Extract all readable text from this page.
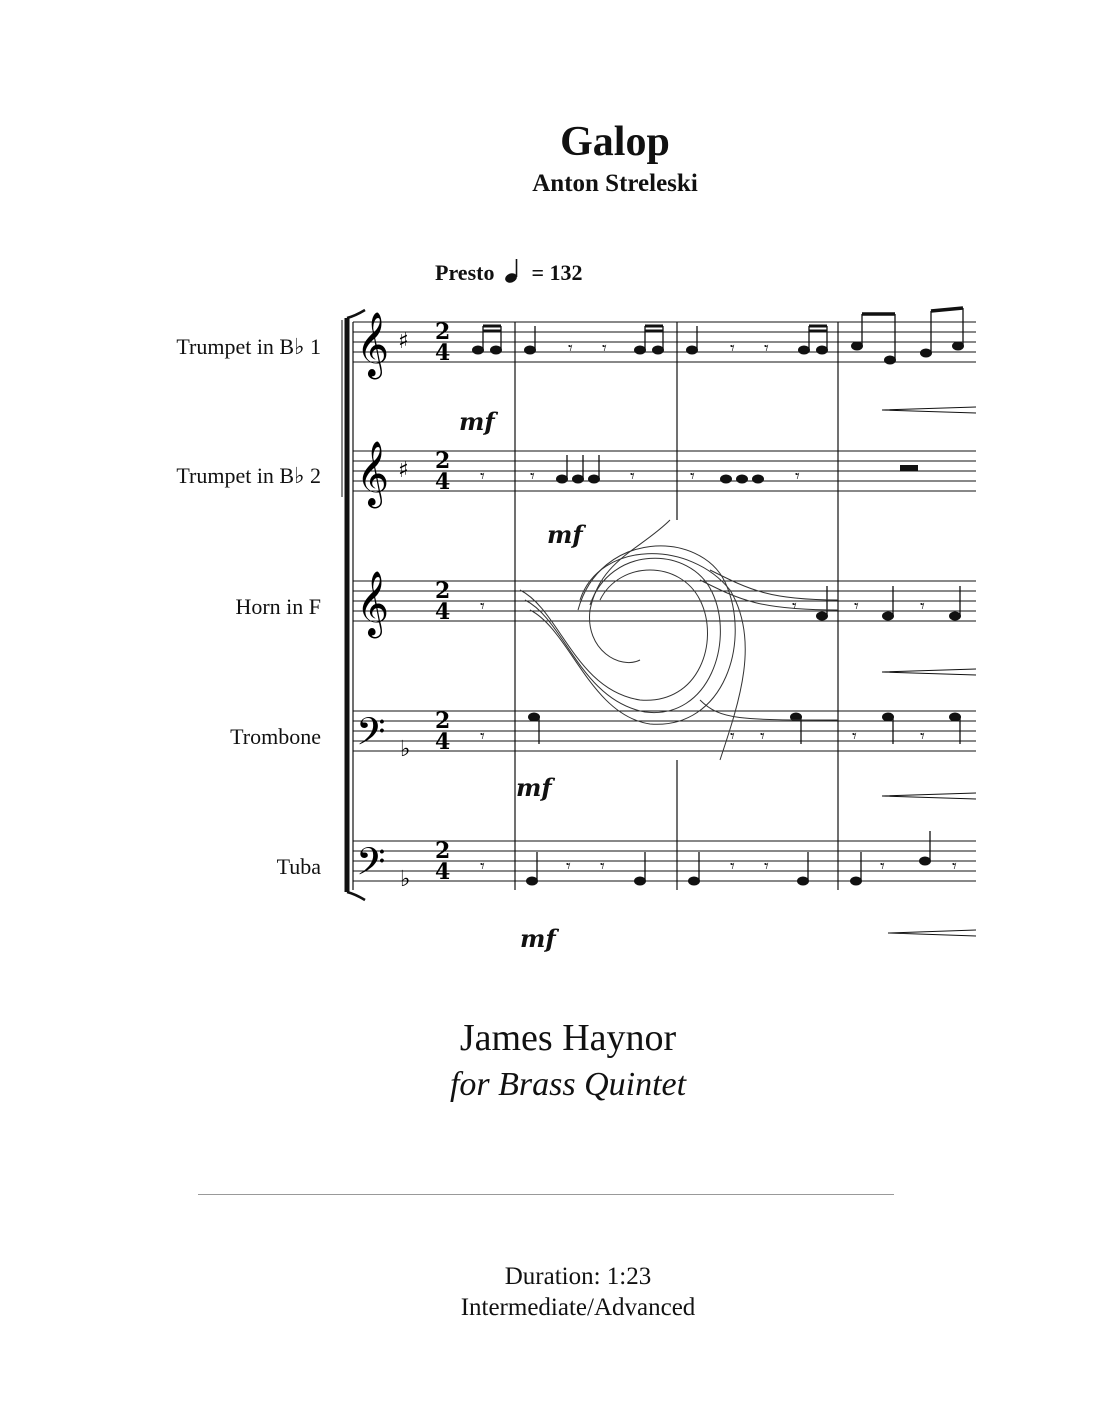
Galop
Anton Streleski
Presto = 132
Trumpet in B♭ 1
Trumpet in B♭ 2
Horn in F
Trombone
Tuba
𝄞
𝄞
𝄞
𝄢
𝄢
♯
♯
♭
♭
2
4
2
4
2
4
2
4
2
4
𝄾 𝄾	𝄾 𝄾
𝄾	𝄾	𝄾	𝄾	𝄾
𝄾	𝄾	𝄾	𝄾
𝄾	𝄾 𝄾	𝄾	𝄾
𝄾	𝄾 𝄾	𝄾 𝄾	𝄾	𝄾
mf
mf
mf
mf
James Haynor
for Brass Quintet
Duration: 1:23
Intermediate/Advanced
